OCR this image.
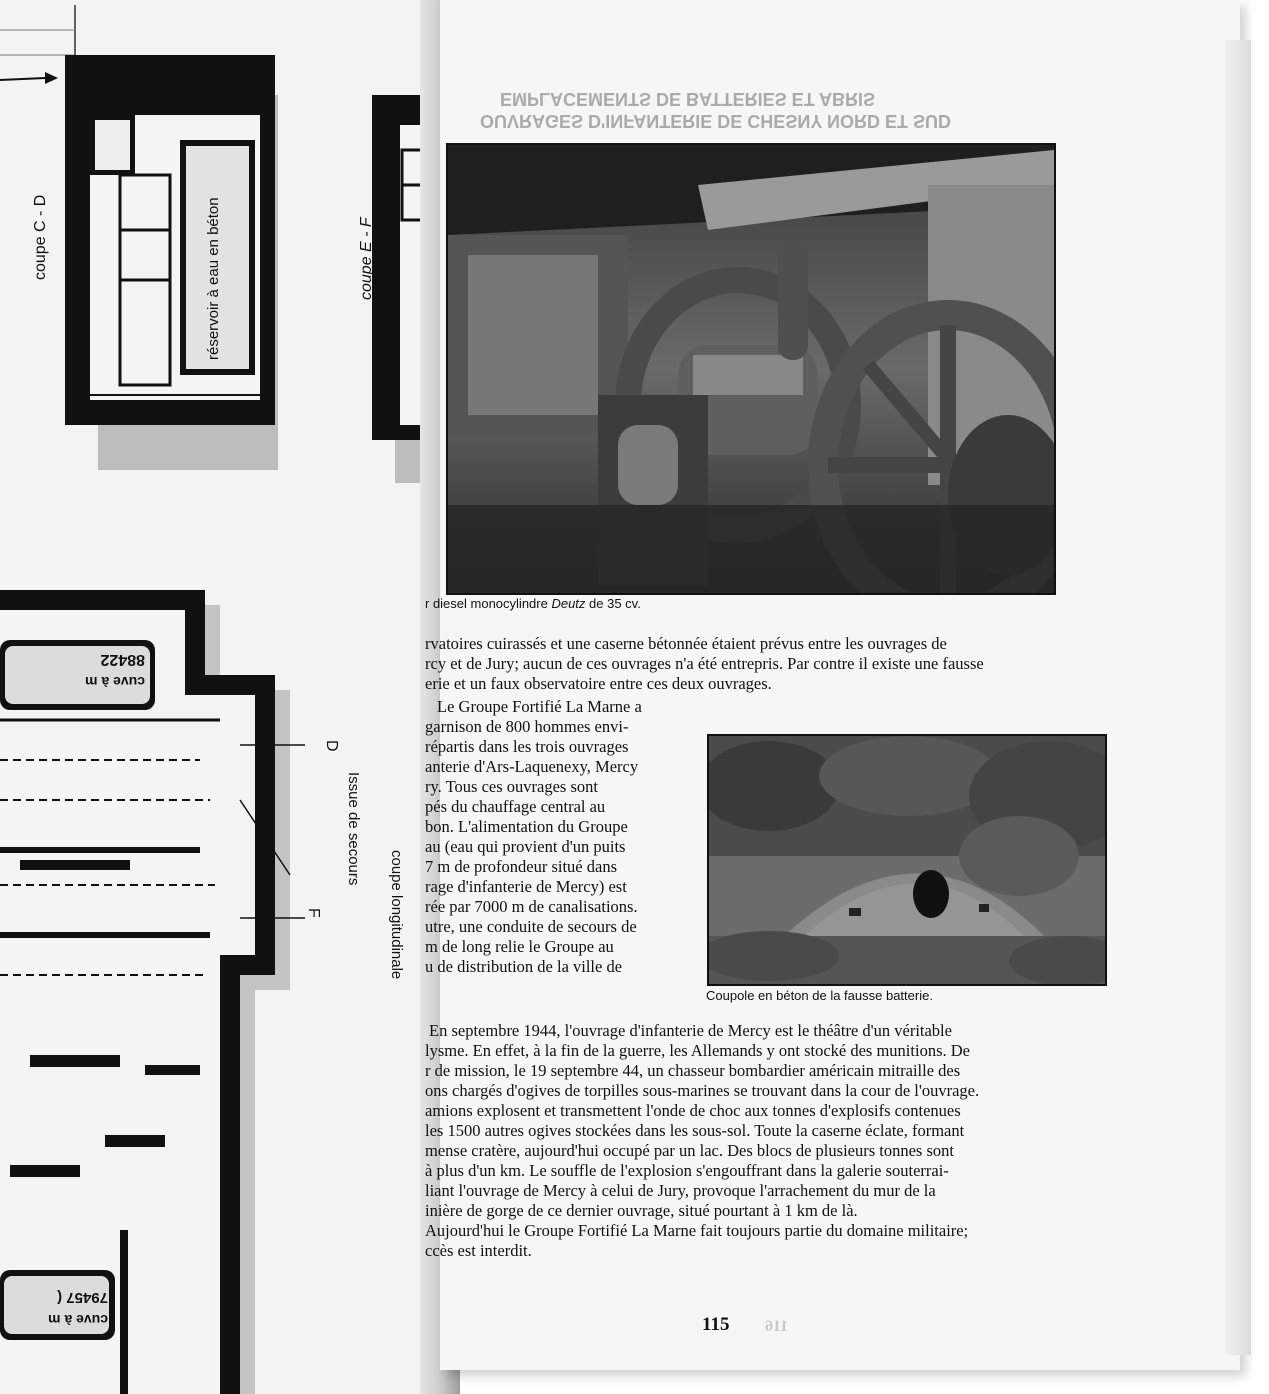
coupe C - D	réservoir à eau en béton	coupe E - F
D
F
Issue de secours
coupe longitudinale
cuve à m
88422
cuve à m
79457 (
OUVRAGES D'INFANTERIE DE CHESNY NORD ET SUD
EMPLACEMENTS DE BATTERIES ET ABRIS
r diesel monocylindre Deutz de 35 cv.
rvatoires cuirassés et une caserne bétonnée étaient prévus entre les ouvrages de
rcy et de Jury; aucun de ces ouvrages n'a été entrepris. Par contre il existe une fausse
erie et un faux observatoire entre ces deux ouvrages.
Le Groupe Fortifié La Marne a
garnison de 800 hommes envi-
répartis dans les trois ouvrages
anterie d'Ars-Laquenexy, Mercy
ry. Tous ces ouvrages sont
pés du chauffage central au
bon. L'alimentation du Groupe
au (eau qui provient d'un puits
7 m de profondeur situé dans
rage d'infanterie de Mercy) est
rée par 7000 m de canalisations.
utre, une conduite de secours de
m de long relie le Groupe au
u de distribution de la ville de
Coupole en béton de la fausse batterie.
En septembre 1944, l'ouvrage d'infanterie de Mercy est le théâtre d'un véritable
lysme. En effet, à la fin de la guerre, les Allemands y ont stocké des munitions. De
r de mission, le 19 septembre 44, un chasseur bombardier américain mitraille des
ons chargés d'ogives de torpilles sous-marines se trouvant dans la cour de l'ouvrage.
amions explosent et transmettent l'onde de choc aux tonnes d'explosifs contenues
les 1500 autres ogives stockées dans les sous-sol. Toute la caserne éclate, formant
mense cratère, aujourd'hui occupé par un lac. Des blocs de plusieurs tonnes sont
à plus d'un km. Le souffle de l'explosion s'engouffrant dans la galerie souterrai-
liant l'ouvrage de Mercy à celui de Jury, provoque l'arrachement du mur de la
inière de gorge de ce dernier ouvrage, situé pourtant à 1 km de là.
Aujourd'hui le Groupe Fortifié La Marne fait toujours partie du domaine militaire;
ccès est interdit.
115 116
